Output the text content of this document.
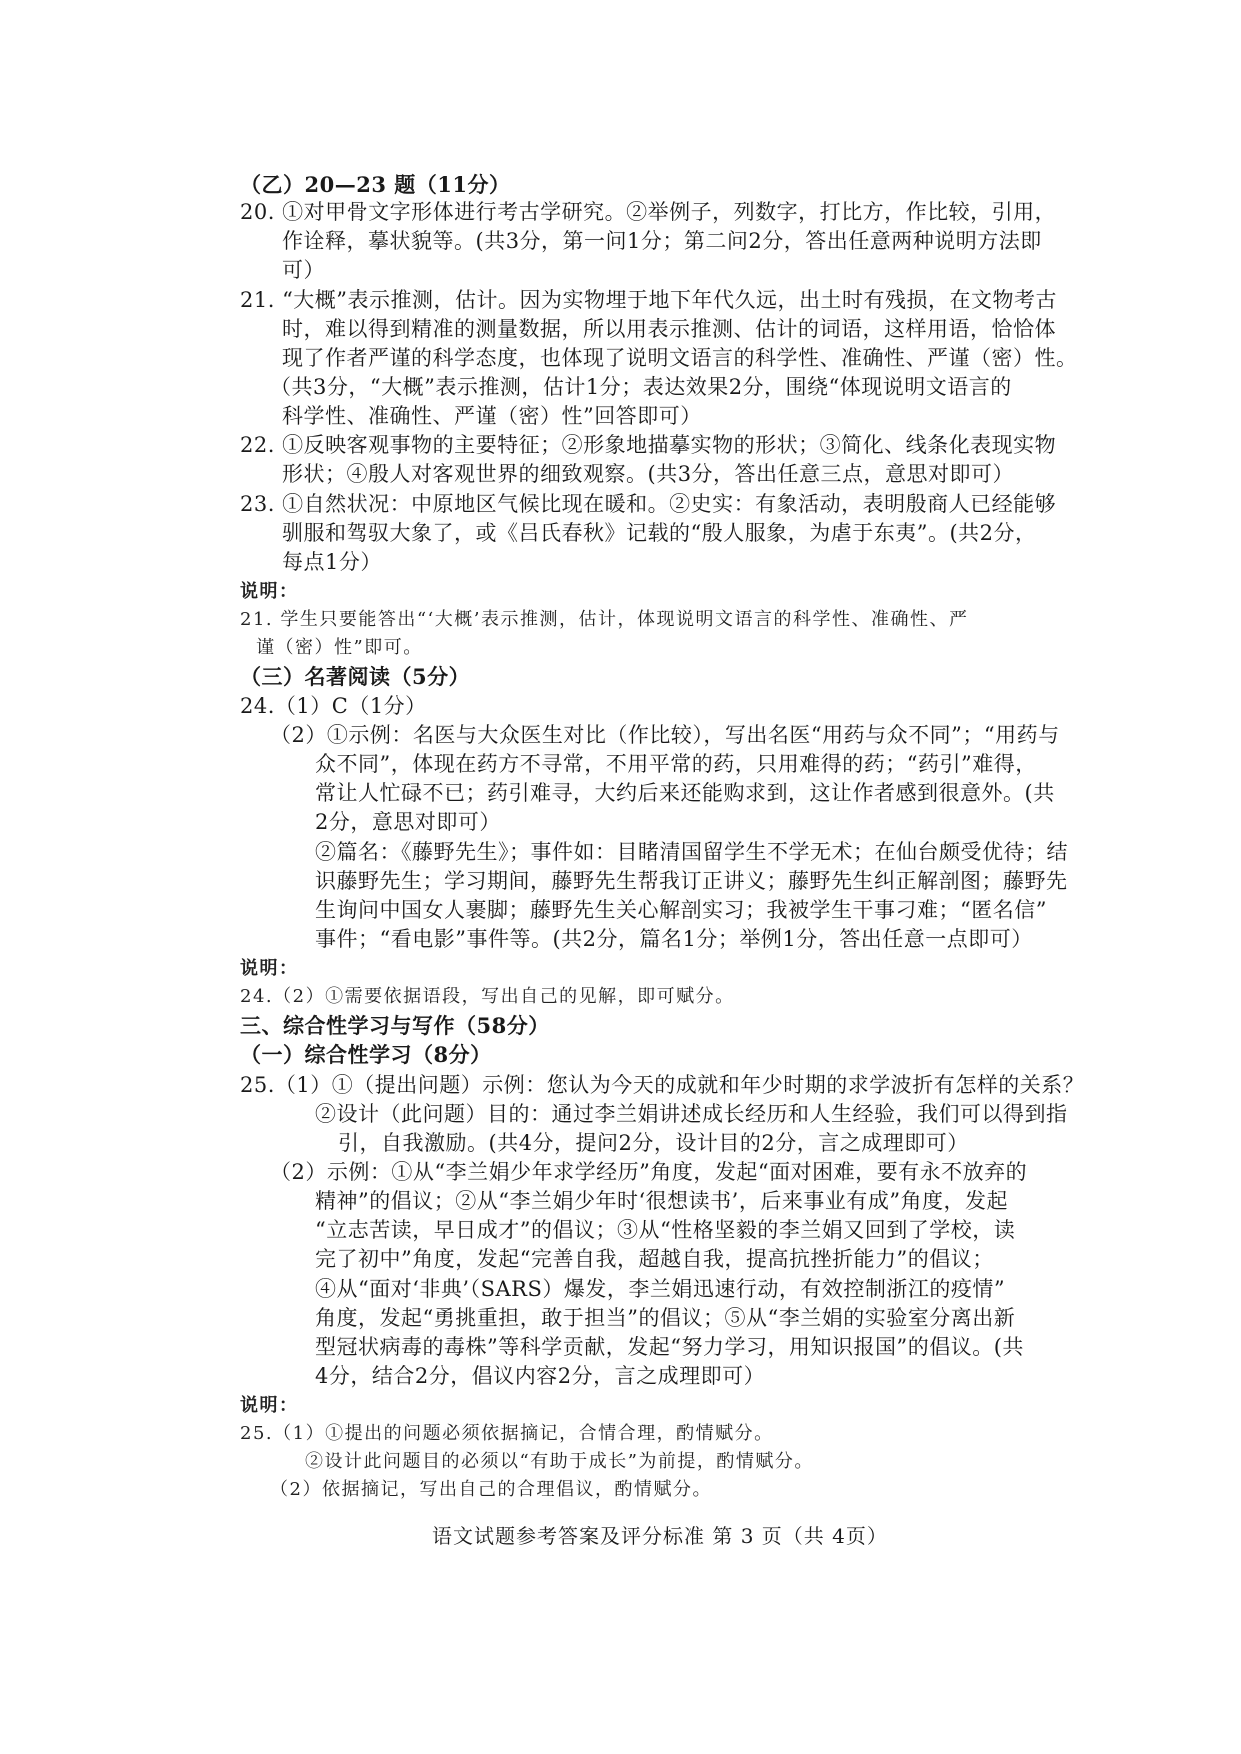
（乙）20—23 题（11分）
20. ①对甲骨文字形体进行考古学研究。②举例子，列数字，打比方，作比较，引用，
作诠释，摹状貌等。(共3分，第一问1分；第二问2分，答出任意两种说明方法即
可）
21. “大概”表示推测，估计。因为实物埋于地下年代久远，出土时有残损，在文物考古
时，难以得到精准的测量数据，所以用表示推测、估计的词语，这样用语，恰恰体
现了作者严谨的科学态度，也体现了说明文语言的科学性、准确性、严谨（密）性。
（共3分，“大概”表示推测，估计1分；表达效果2分，围绕“体现说明文语言的
科学性、准确性、严谨（密）性”回答即可）
22. ①反映客观事物的主要特征；②形象地描摹实物的形状；③简化、线条化表现实物
形状；④殷人对客观世界的细致观察。(共3分，答出任意三点，意思对即可）
23. ①自然状况：中原地区气候比现在暖和。②史实：有象活动，表明殷商人已经能够
驯服和驾驭大象了，或《吕氏春秋》记载的“殷人服象，为虐于东夷”。(共2分，
每点1分）
说明：
21. 学生只要能答出“‘大概’表示推测，估计，体现说明文语言的科学性、准确性、严
谨（密）性”即可。
（三）名著阅读（5分）
24.（1）C（1分）
（2）①示例：名医与大众医生对比（作比较），写出名医“用药与众不同”；“用药与
众不同”，体现在药方不寻常，不用平常的药，只用难得的药；“药引”难得，
常让人忙碌不已；药引难寻，大约后来还能购求到，这让作者感到很意外。(共
2分，意思对即可）
②篇名：《藤野先生》；事件如：目睹清国留学生不学无术；在仙台颇受优待；结
识藤野先生；学习期间，藤野先生帮我订正讲义；藤野先生纠正解剖图；藤野先
生询问中国女人裹脚；藤野先生关心解剖实习；我被学生干事刁难；“匿名信”
事件；“看电影”事件等。(共2分，篇名1分；举例1分，答出任意一点即可）
说明：
24.（2）①需要依据语段，写出自己的见解，即可赋分。
三、综合性学习与写作（58分）
（一）综合性学习（8分）
25.（1）①（提出问题）示例：您认为今天的成就和年少时期的求学波折有怎样的关系？
②设计（此问题）目的：通过李兰娟讲述成长经历和人生经验，我们可以得到指
引，自我激励。(共4分，提问2分，设计目的2分，言之成理即可）
（2）示例：①从“李兰娟少年求学经历”角度，发起“面对困难，要有永不放弃的
精神”的倡议；②从“李兰娟少年时‘很想读书’，后来事业有成”角度，发起
“立志苦读，早日成才”的倡议；③从“性格坚毅的李兰娟又回到了学校，读
完了初中”角度，发起“完善自我，超越自我，提高抗挫折能力”的倡议；
④从“面对‘非典’（SARS）爆发，李兰娟迅速行动，有效控制浙江的疫情”
角度，发起“勇挑重担，敢于担当”的倡议；⑤从“李兰娟的实验室分离出新
型冠状病毒的毒株”等科学贡献，发起“努力学习，用知识报国”的倡议。(共
4分，结合2分，倡议内容2分，言之成理即可）
说明：
25.（1）①提出的问题必须依据摘记，合情合理，酌情赋分。
②设计此问题目的必须以“有助于成长”为前提，酌情赋分。
（2）依据摘记，写出自己的合理倡议，酌情赋分。
语文试题参考答案及评分标准 第 3 页（共 4页）
